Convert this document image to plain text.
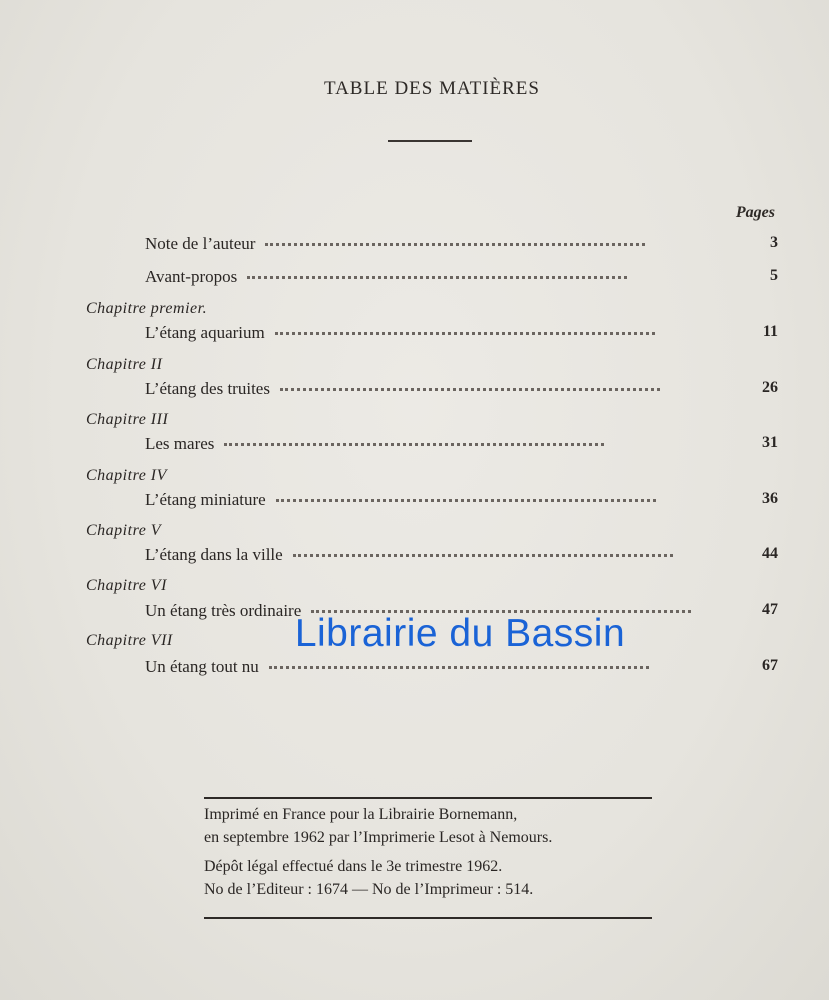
TABLE DES MATIÈRES
Pages
Note de l’auteur	3
Avant-propos	5
Chapitre premier.
L’étang aquarium	11
Chapitre II
L’étang des truites	26
Chapitre III
Les mares	31
Chapitre IV
L’étang miniature	36
Chapitre V
L’étang dans la ville	44
Chapitre VI
Un étang très ordinaire	47
Chapitre VII
Un étang tout nu	67
Librairie du Bassin
Imprimé en France pour la Librairie Bornemann,
en septembre 1962 par l’Imprimerie Lesot à Nemours.
Dépôt légal effectué dans le 3e trimestre 1962.
No de l’Editeur : 1674 — No de l’Imprimeur : 514.
